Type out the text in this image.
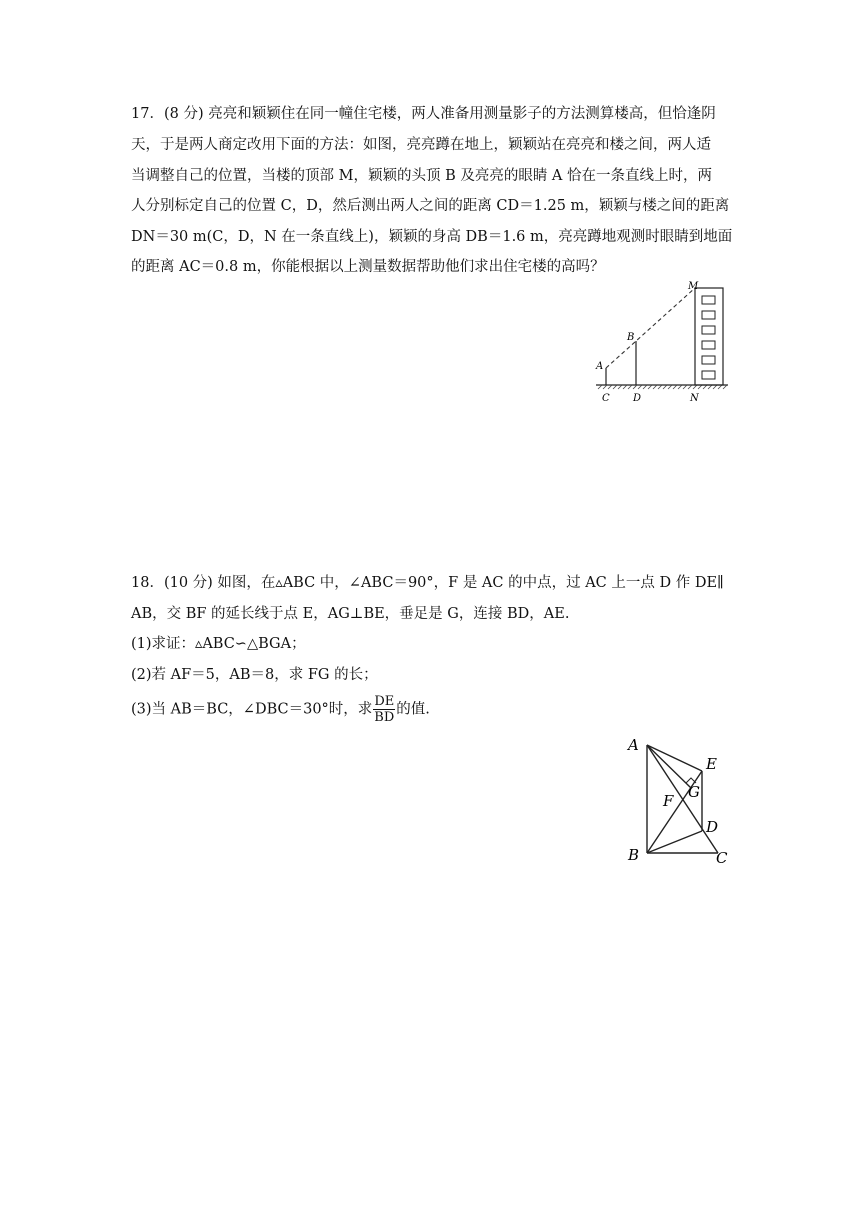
17．(8 分) 亮亮和颖颖住在同一幢住宅楼，两人准备用测量影子的方法测算楼高，但恰逢阴
天，于是两人商定改用下面的方法：如图，亮亮蹲在地上，颖颖站在亮亮和楼之间，两人适
当调整自己的位置，当楼的顶部 M，颖颖的头顶 B 及亮亮的眼睛 A 恰在一条直线上时，两
人分别标定自己的位置 C，D，然后测出两人之间的距离 CD＝1.25 m，颖颖与楼之间的距离
DN＝30 m(C，D，N 在一条直线上)，颖颖的身高 DB＝1.6 m，亮亮蹲地观测时眼睛到地面
的距离 AC＝0.8 m，你能根据以上测量数据帮助他们求出住宅楼的高吗？
M
B
A
C D	N
18．(10 分) 如图，在▵ABC 中，∠ABC＝90°，F 是 AC 的中点，过 AC 上一点 D 作 DE∥
AB，交 BF 的延长线于点 E，AG⊥BE，垂足是 G，连接 BD，AE.
(1)求证：▵ABC∽△BGA；
(2)若 AF＝5，AB＝8，求 FG 的长；
(3)当 AB＝BC，∠DBC＝30°时，求 $\frac{DE}{BD}$ 的值.
A
E
G
F
D
B	C
